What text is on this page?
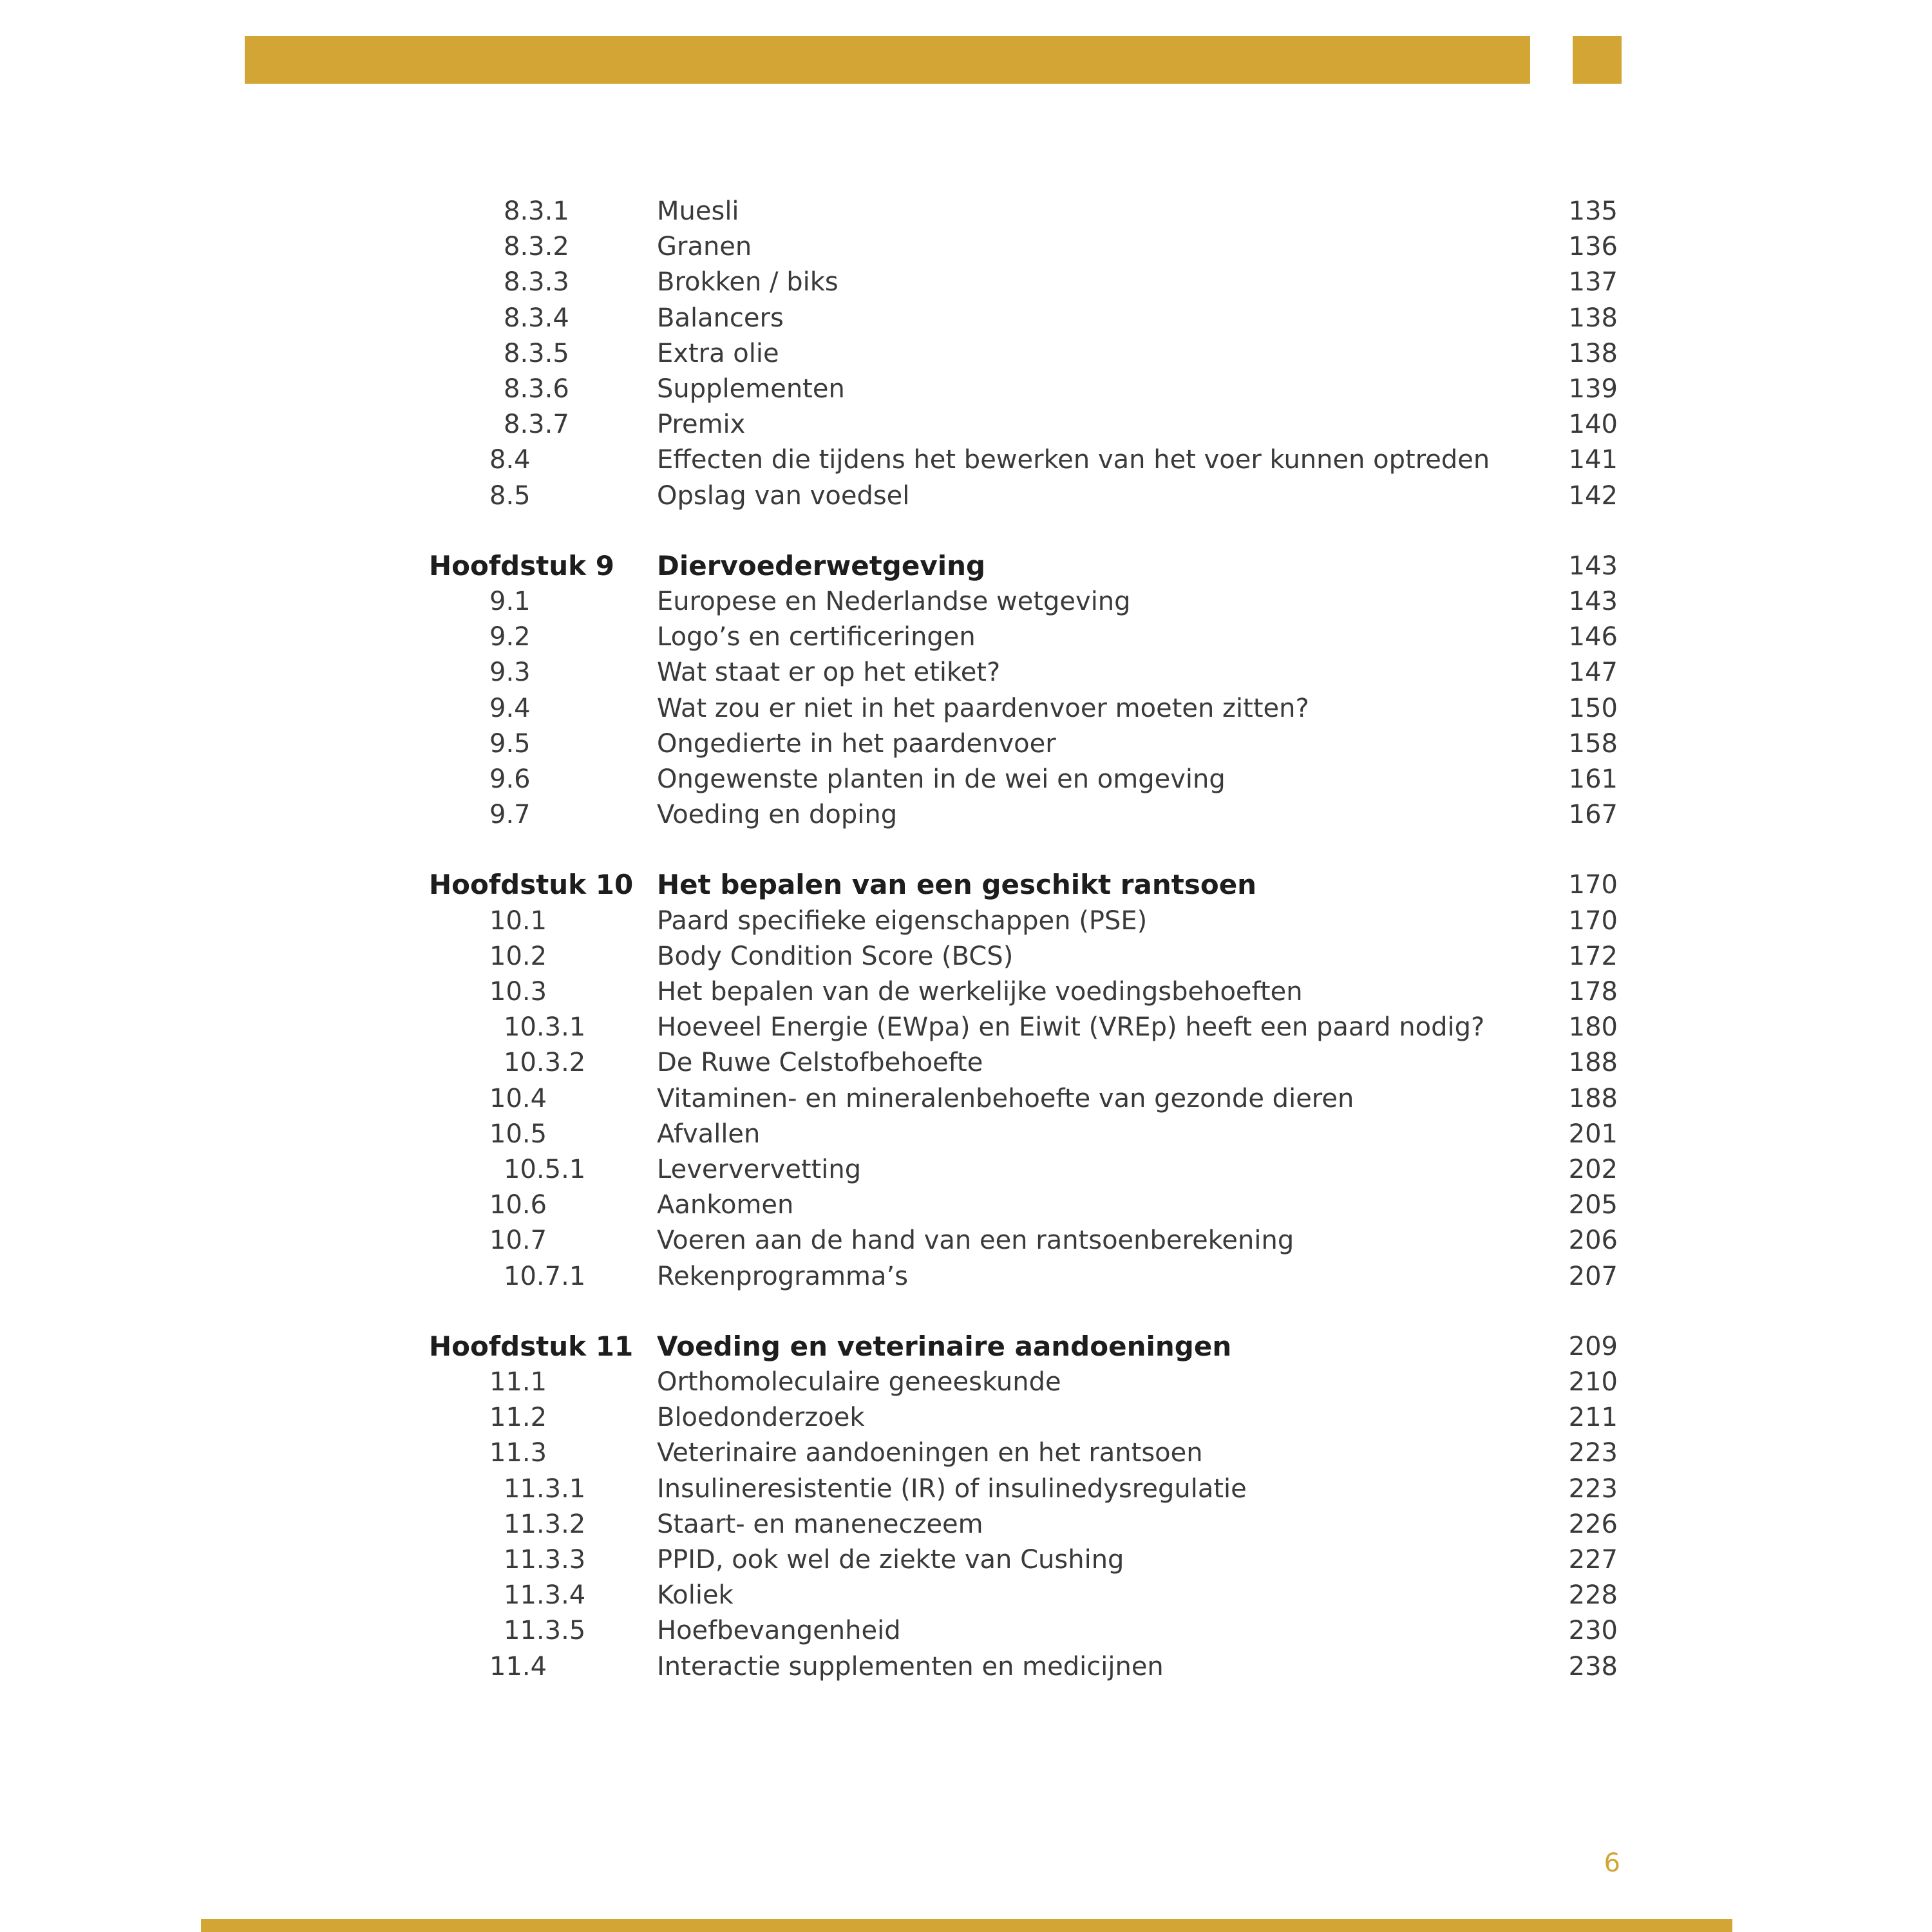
8.3.1	Muesli	135
8.3.2	Granen	136
8.3.3	Brokken / biks	137
8.3.4	Balancers	138
8.3.5	Extra olie	138
8.3.6	Supplementen	139
8.3.7	Premix	140
8.4	Effecten die tijdens het bewerken van het voer kunnen optreden	141
8.5	Opslag van voedsel	142
Hoofdstuk 9 Diervoederwetgeving	143
9.1	Europese en Nederlandse wetgeving	143
9.2	Logo’s en certificeringen	146
9.3	Wat staat er op het etiket?	147
9.4	Wat zou er niet in het paardenvoer moeten zitten?	150
9.5	Ongedierte in het paardenvoer	158
9.6	Ongewenste planten in de wei en omgeving	161
9.7	Voeding en doping	167
Hoofdstuk 10 Het bepalen van een geschikt rantsoen	170
10.1	Paard specifieke eigenschappen (PSE)	170
10.2	Body Condition Score (BCS)	172
10.3	Het bepalen van de werkelijke voedingsbehoeften	178
10.3.1	Hoeveel Energie (EWpa) en Eiwit (VREp) heeft een paard nodig?	180
10.3.2	De Ruwe Celstofbehoefte	188
10.4	Vitaminen- en mineralenbehoefte van gezonde dieren	188
10.5	Afvallen	201
10.5.1	Leververvetting	202
10.6	Aankomen	205
10.7	Voeren aan de hand van een rantsoenberekening	206
10.7.1	Rekenprogramma’s	207
Hoofdstuk 11 Voeding en veterinaire aandoeningen	209
11.1	Orthomoleculaire geneeskunde	210
11.2	Bloedonderzoek	211
11.3	Veterinaire aandoeningen en het rantsoen	223
11.3.1	Insulineresistentie (IR) of insulinedysregulatie	223
11.3.2	Staart- en maneneczeem	226
11.3.3	PPID, ook wel de ziekte van Cushing	227
11.3.4	Koliek	228
11.3.5	Hoefbevangenheid	230
11.4	Interactie supplementen en medicijnen	238
6
